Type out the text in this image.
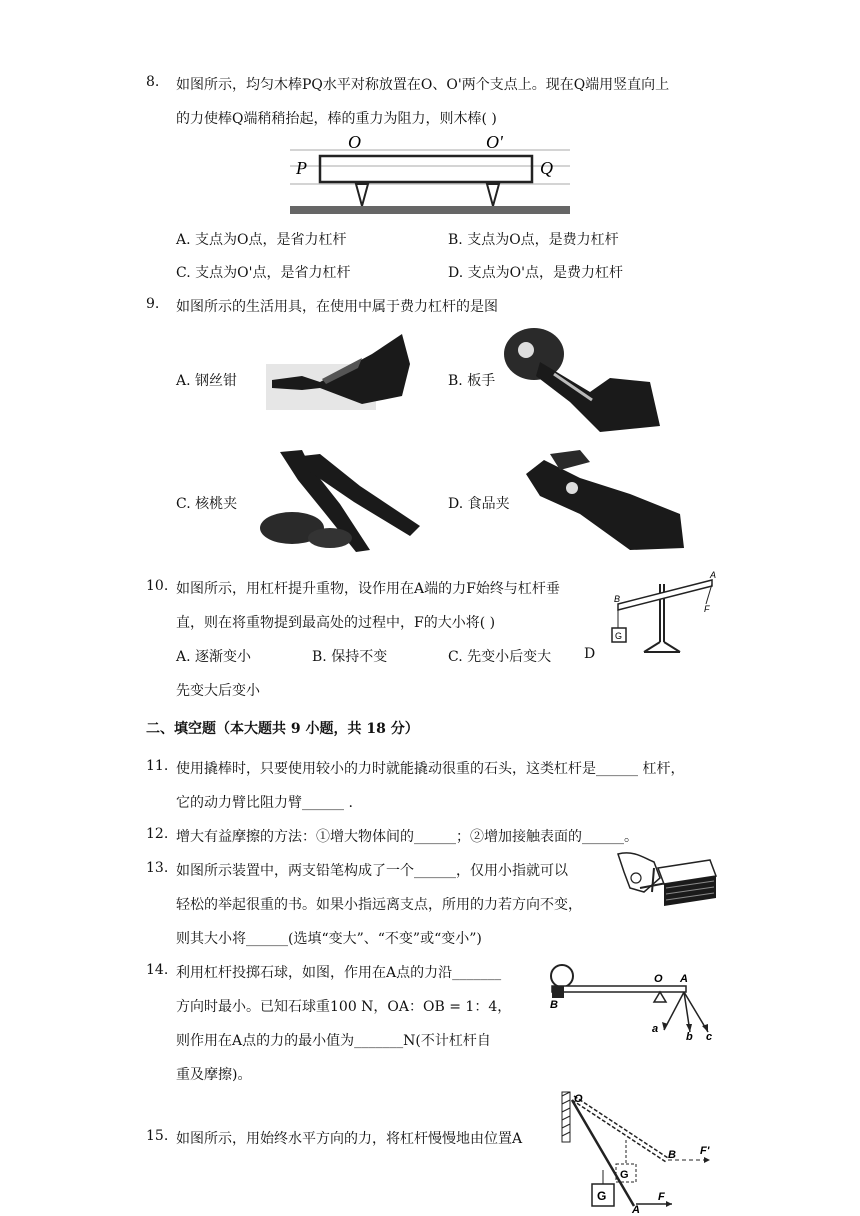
8. 如图所示，均匀木棒PQ水平对称放置在O、O'两个支点上。现在Q端用竖直向上
的力使棒Q端稍稍抬起，棒的重力为阻力，则木棒( )
P
O	O'
Q
A. 支点为O点，是省力杠杆	B. 支点为O点，是费力杠杆
C. 支点为O'点，是省力杠杆	D. 支点为O'点，是费力杠杆
9. 如图所示的生活用具，在使用中属于费力杠杆的是图
A. 钢丝钳	B. 板手
C. 核桃夹	D. 食品夹
10. 如图所示，用杠杆提升重物，设作用在A端的力F始终与杠杆垂
直，则在将重物提到最高处的过程中，F的大小将( )
A. 逐渐变小	B. 保持不变	C. 先变小后变大 D
先变大后变小
A
B
F
G
二、填空题（本大题共 9 小题，共 18 分）
11. 使用撬棒时，只要使用较小的力时就能撬动很重的石头，这类杠杆是______ 杠杆，
它的动力臂比阻力臂______ .
12. 增大有益摩擦的方法：①增大物体间的______；②增加接触表面的______。
13. 如图所示装置中，两支铅笔构成了一个______，仅用小指就可以
轻松的举起很重的书。如果小指远离支点，所用的力若方向不变，
则其大小将______(选填“变大”、“不变”或“变小”)
14. 利用杠杆投掷石球，如图，作用在A点的力沿_______
方向时最小。已知石球重100 N，OA：OB = 1：4，
则作用在A点的力的最小值为_______N(不计杠杆自
重及摩擦)。
B
O A
a
b c
15. 如图所示，用始终水平方向的力，将杠杆慢慢地由位置A
O
B F'
G
G
A
F
